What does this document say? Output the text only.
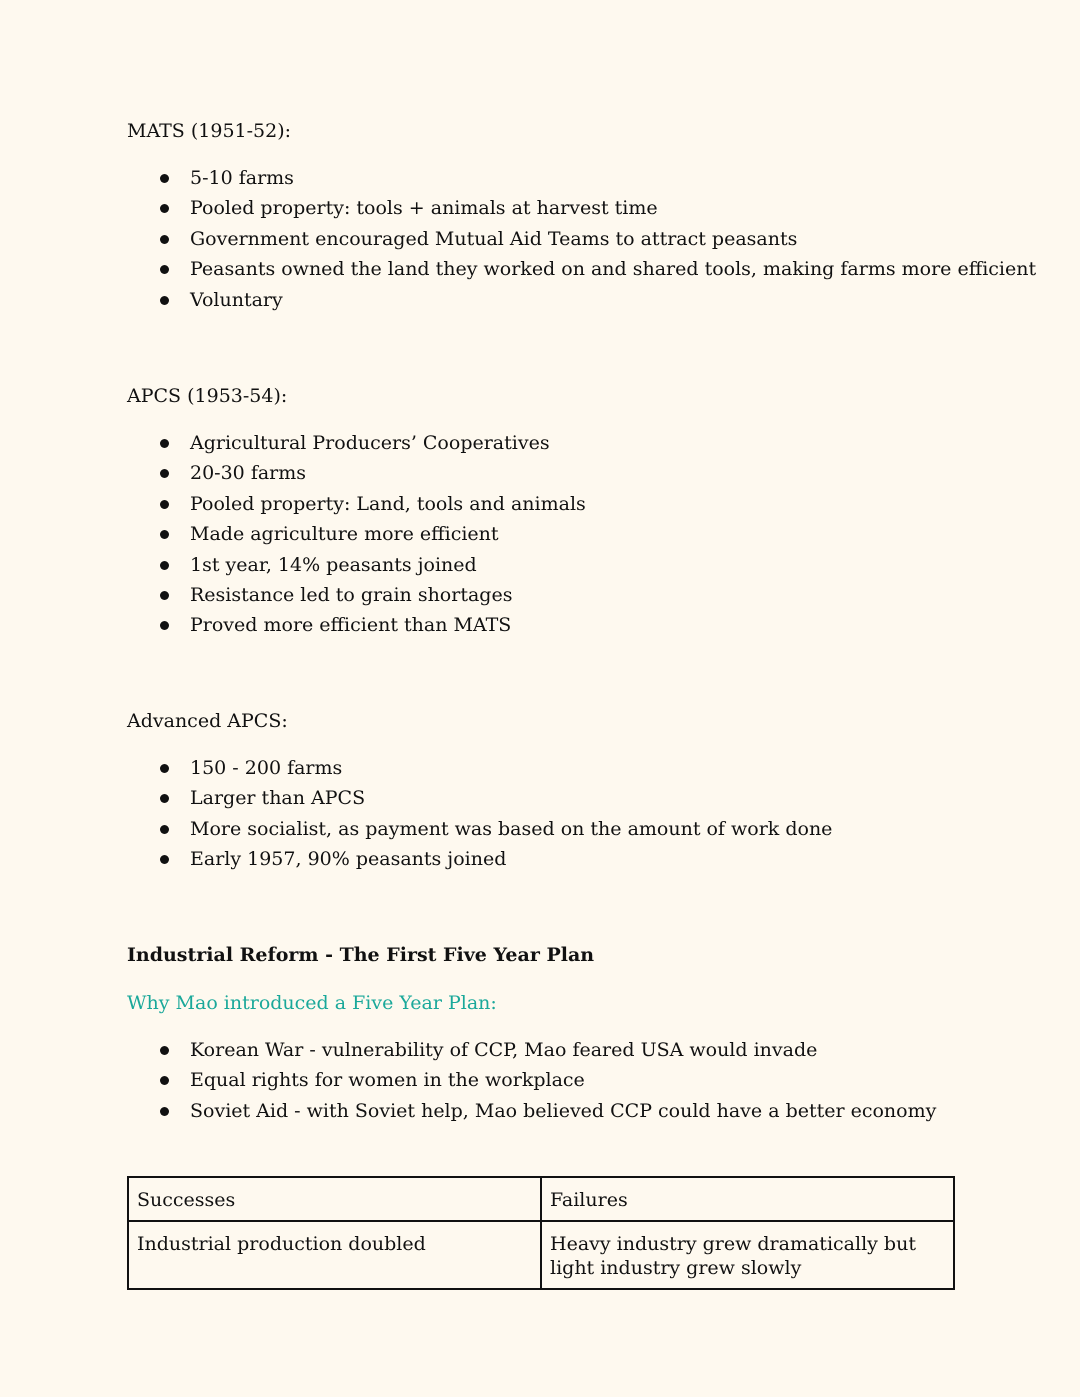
MATS (1951-52):
5-10 farms
Pooled property: tools + animals at harvest time
Government encouraged Mutual Aid Teams to attract peasants
Peasants owned the land they worked on and shared tools, making farms more efficient
Voluntary
APCS (1953-54):
Agricultural Producers’ Cooperatives
20-30 farms
Pooled property: Land, tools and animals
Made agriculture more efficient
1st year, 14% peasants joined
Resistance led to grain shortages
Proved more efficient than MATS
Advanced APCS:
150 - 200 farms
Larger than APCS
More socialist, as payment was based on the amount of work done
Early 1957, 90% peasants joined
Industrial Reform - The First Five Year Plan
Why Mao introduced a Five Year Plan:
Korean War - vulnerability of CCP, Mao feared USA would invade
Equal rights for women in the workplace
Soviet Aid - with Soviet help, Mao believed CCP could have a better economy
Successes	Failures
Industrial production doubled	Heavy industry grew dramatically but light industry grew slowly
